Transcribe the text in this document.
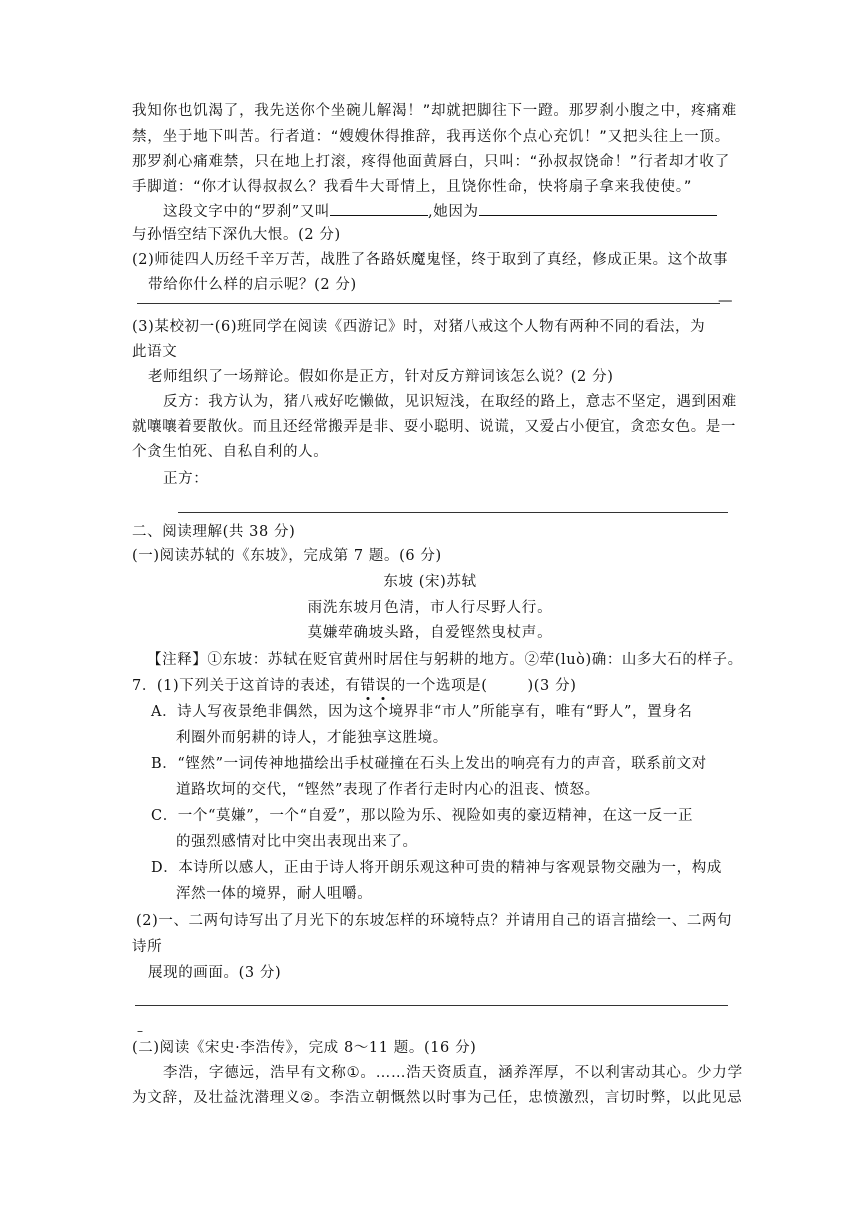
我知你也饥渴了，我先送你个坐碗儿解渴！”却就把脚往下一蹬。那罗刹小腹之中，疼痛难
禁，坐于地下叫苦。行者道：“嫂嫂休得推辞，我再送你个点心充饥！”又把头往上一顶。
那罗刹心痛难禁，只在地上打滚，疼得他面黄唇白，只叫：“孙叔叔饶命！”行者却才收了
手脚道：“你才认得叔叔么？我看牛大哥情上，且饶你性命，快将扇子拿来我使使。”
这段文字中的“罗刹”又叫	,她因为
与孙悟空结下深仇大恨。(2 分)
(2)师徒四人历经千辛万苦，战胜了各路妖魔鬼怪，终于取到了真经，修成正果。这个故事
带给你什么样的启示呢？(2 分)
—
(3)某校初一(6)班同学在阅读《西游记》时，对猪八戒这个人物有两种不同的看法，为
此语文
老师组织了一场辩论。假如你是正方，针对反方辩词该怎么说？(2 分)
反方：我方认为，猪八戒好吃懒做，见识短浅，在取经的路上，意志不坚定，遇到困难
就嚷嚷着要散伙。而且还经常搬弄是非、耍小聪明、说谎，又爱占小便宜，贪恋女色。是一
个贪生怕死、自私自利的人。
正方：
二、阅读理解(共 38 分)
(一)阅读苏轼的《东坡》，完成第 7 题。(6 分)
东坡 (宋)苏轼
雨洗东坡月色清，市人行尽野人行。
莫嫌荦确坡头路，自爱铿然曳杖声。
【注释】①东坡：苏轼在贬官黄州时居住与躬耕的地方。②荦(luò)确：山多大石的样子。
7．(1)下列关于这首诗的表述，有错误的一个选项是(	)(3 分)
A．诗人写夜景绝非偶然，因为这个境界非“市人”所能享有，唯有“野人”，置身名
利圈外而躬耕的诗人，才能独享这胜境。
B．“铿然”一词传神地描绘出手杖碰撞在石头上发出的响亮有力的声音，联系前文对
道路坎坷的交代，“铿然”表现了作者行走时内心的沮丧、愤怒。
C．一个“莫嫌”，一个“自爱”，那以险为乐、视险如夷的豪迈精神，在这一反一正
的强烈感情对比中突出表现出来了。
D．本诗所以感人，正由于诗人将开朗乐观这种可贵的精神与客观景物交融为一，构成
浑然一体的境界，耐人咀嚼。
(2)一、二两句诗写出了月光下的东坡怎样的环境特点？并请用自己的语言描绘一、二两句
诗所
展现的画面。(3 分)
–
(二)阅读《宋史·李浩传》，完成 8～11 题。(16 分)
李浩，字德远，浩早有文称①。……浩天资质直，涵养浑厚，不以利害动其心。少力学
为文辞，及壮益沈潜理义②。李浩立朝慨然以时事为己任，忠愤激烈，言切时弊，以此见忌
